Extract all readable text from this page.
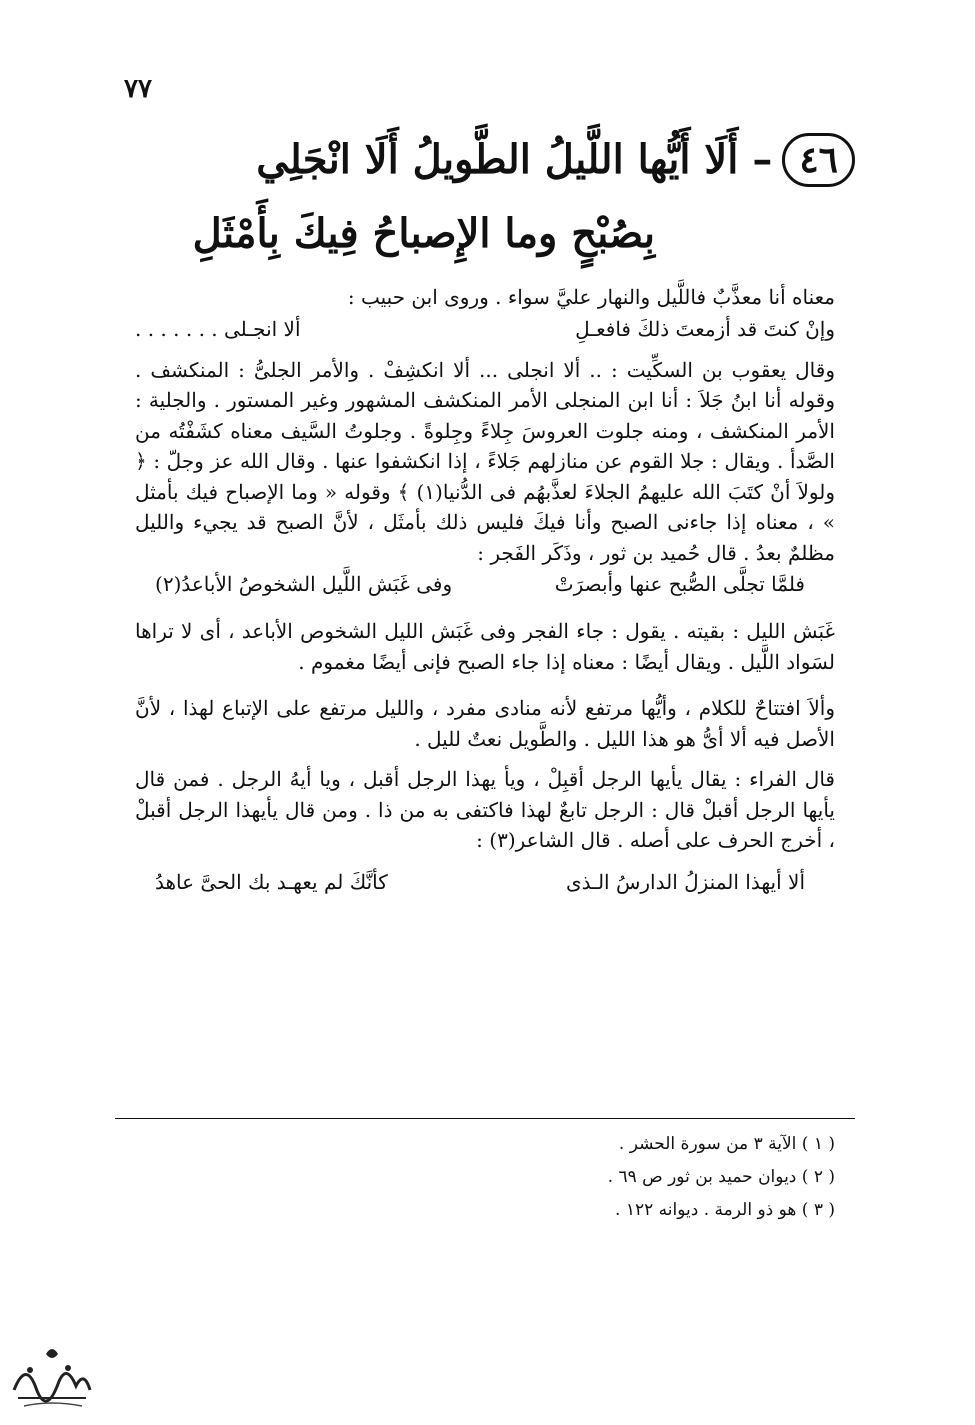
٧٧
٤٦
–
أَلَا أَيُّها اللَّيلُ الطَّويلُ أَلَا انْجَلِي
بِصُبْحٍ وما الإِصباحُ فِيكَ بِأَمْثَلِ

معناه أنا معذَّبٌ فاللَّيل والنهار عليَّ سواء . وروى ابن حبيب :

وإنْ كنتَ قد أزمعتَ ذلكَ فافعـلِ
ألا انجـلى . . . . . . .

وقال يعقوب بن السكِّيت : .. ألا انجلى ... ألا انكشِفْ . والأمر الجلىُّ : المنكشف . وقوله أنا ابنُ جَلاَ : أنا ابن المنجلى الأمر المنكشف المشهور وغير المستور . والجلية : الأمر المنكشف ، ومنه جلوت العروسَ جِلاءً وجِلوةً . وجلوتُ السَّيف معناه كشَفْتُه من الصَّدأ . ويقال : جلا القوم عن منازلهم جَلاءً ، إذا انكشفوا عنها . وقال الله عز وجلّ : ﴿ ولولاَ أنْ كتَبَ الله عليهمُ الجلاءَ لعذَّبهُم فى الدُّنيا(١) ﴾ وقوله « وما الإصباح فيك بأمثل » ، معناه إذا جاءنى الصبح وأنا فيكَ فليس ذلك بأمثَل ، لأنَّ الصبح قد يجيء والليل مظلمٌ بعدُ . قال حُميد بن ثور ، وذَكَر الفَجر :

فلمَّا تجلَّى الصُّبح عنها وأبصرَتْ
وفى غَبَش اللَّيل الشخوصُ الأباعدُ(٢)

غَبَش الليل : بقيته . يقول : جاء الفجر وفى غَبَش الليل الشخوص الأباعد ، أى لا تراها لسَواد اللَّيل . ويقال أيضًا : معناه إذا جاء الصبح فإنى أيضًا مغموم .

وألاَ افتتاحٌ للكلام ، وأيُّها مرتفع لأنه منادى مفرد ، والليل مرتفع على الإتباع لهذا ، لأنَّ الأصل فيه ألا أىُّ هو هذا الليل . والطَّويل نعتٌ لليل .

قال الفراء : يقال يأيها الرجل أقبِلْ ، ويأ يهذا الرجل أقبل ، ويا أيهُ الرجل . فمن قال يأيها الرجل أقبلْ قال : الرجل تابعٌ لهذا فاكتفى به من ذا . ومن قال يأيهذا الرجل أقبلْ ، أخرج الحرف على أصله . قال الشاعر(٣) :

ألا أيهذا المنزلُ الدارسُ الـذى
كأنَّكَ لم يعهـد بك الحىَّ عاهدُ
( ١ ) الآية ٣ من سورة الحشر .
( ٢ ) ديوان حميد بن ثور ص ٦٩ .
( ٣ ) هو ذو الرمة . ديوانه ١٢٢ .
